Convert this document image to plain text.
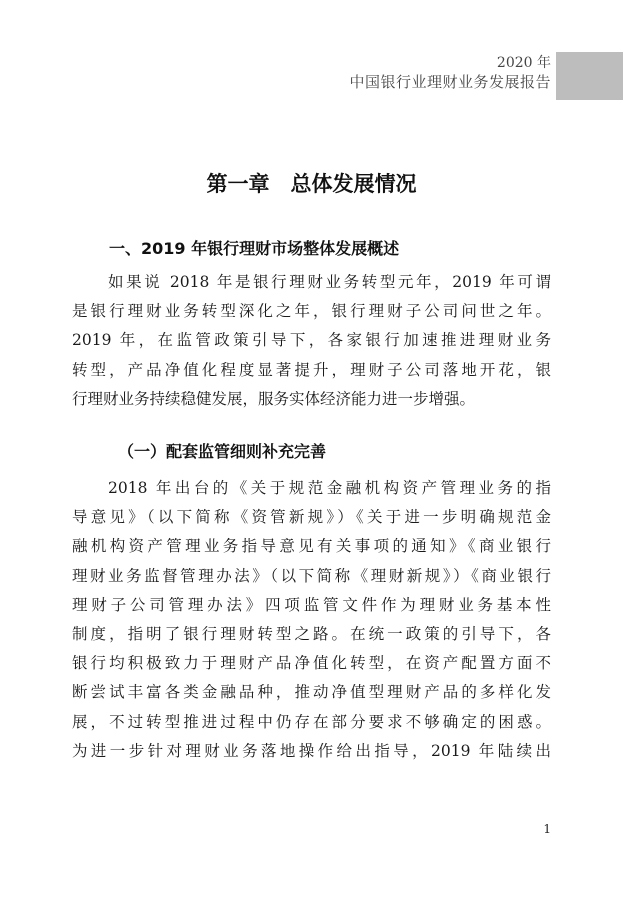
2020 年
中国银行业理财业务发展报告
第一章　总体发展情况
一、2019 年银行理财市场整体发展概述
如果说 2018 年是银行理财业务转型元年，2019 年可谓
是银行理财业务转型深化之年，银行理财子公司问世之年。
2019 年，在监管政策引导下，各家银行加速推进理财业务
转型，产品净值化程度显著提升，理财子公司落地开花，银
行理财业务持续稳健发展，服务实体经济能力进一步增强。
（一）配套监管细则补充完善
2018 年出台的《关于规范金融机构资产管理业务的指
导意见》（以下简称《资管新规》）《关于进一步明确规范金
融机构资产管理业务指导意见有关事项的通知》《商业银行
理财业务监督管理办法》（以下简称《理财新规》）《商业银行
理财子公司管理办法》四项监管文件作为理财业务基本性
制度，指明了银行理财转型之路。在统一政策的引导下，各
银行均积极致力于理财产品净值化转型，在资产配置方面不
断尝试丰富各类金融品种，推动净值型理财产品的多样化发
展，不过转型推进过程中仍存在部分要求不够确定的困惑。
为进一步针对理财业务落地操作给出指导，2019 年陆续出
1
